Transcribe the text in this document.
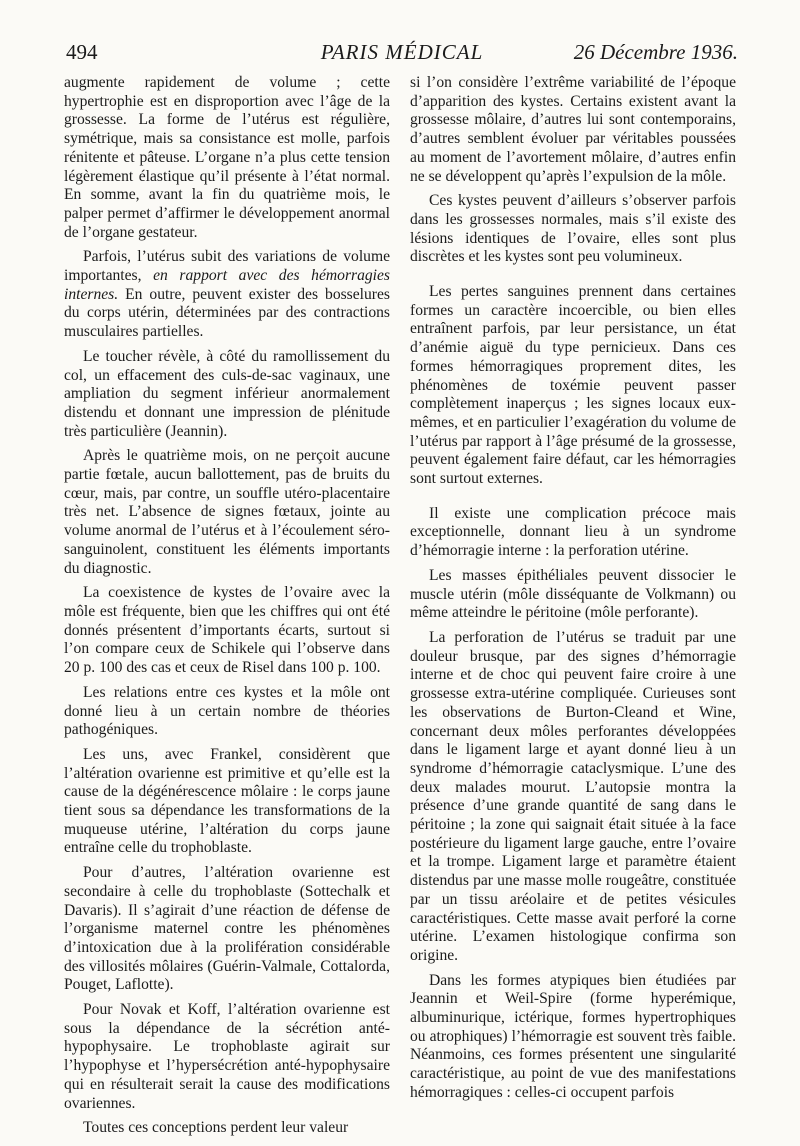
494	PARIS MÉDICAL	26 Décembre 1936.

augmente rapidement de volume ; cette hypertrophie est en disproportion avec l’âge de la grossesse. La forme de l’utérus est régulière, symétrique, mais sa consistance est molle, parfois rénitente et pâteuse. L’organe n’a plus cette tension légèrement élastique qu’il présente à l’état normal. En somme, avant la fin du quatrième mois, le palper permet d’affirmer le développement anormal de l’organe gestateur.

Parfois, l’utérus subit des variations de volume importantes, en rapport avec des hémorragies internes. En outre, peuvent exister des bosselures du corps utérin, déterminées par des contractions musculaires partielles.

Le toucher révèle, à côté du ramollissement du col, un effacement des culs-de-sac vaginaux, une ampliation du segment inférieur anormalement distendu et donnant une impression de plénitude très particulière (Jeannin).

Après le quatrième mois, on ne perçoit aucune partie fœtale, aucun ballottement, pas de bruits du cœur, mais, par contre, un souffle utéro-placentaire très net. L’absence de signes fœtaux, jointe au volume anormal de l’utérus et à l’écoulement séro-sanguinolent, constituent les éléments importants du diagnostic.

La coexistence de kystes de l’ovaire avec la môle est fréquente, bien que les chiffres qui ont été donnés présentent d’importants écarts, surtout si l’on compare ceux de Schikele qui l’observe dans 20 p. 100 des cas et ceux de Risel dans 100 p. 100.

Les relations entre ces kystes et la môle ont donné lieu à un certain nombre de théories pathogéniques.

Les uns, avec Frankel, considèrent que l’altération ovarienne est primitive et qu’elle est la cause de la dégénérescence môlaire : le corps jaune tient sous sa dépendance les transformations de la muqueuse utérine, l’altération du corps jaune entraîne celle du trophoblaste.

Pour d’autres, l’altération ovarienne est secondaire à celle du trophoblaste (Sottechalk et Davaris). Il s’agirait d’une réaction de défense de l’organisme maternel contre les phénomènes d’intoxication due à la prolifération considérable des villosités môlaires (Guérin-Valmale, Cottalorda, Pouget, Laflotte).

Pour Novak et Koff, l’altération ovarienne est sous la dépendance de la sécrétion anté-hypophysaire. Le trophoblaste agirait sur l’hypophyse et l’hypersécrétion anté-hypophysaire qui en résulterait serait la cause des modifications ovariennes.

Toutes ces conceptions perdent leur valeur

si l’on considère l’extrême variabilité de l’époque d’apparition des kystes. Certains existent avant la grossesse môlaire, d’autres lui sont contemporains, d’autres semblent évoluer par véritables poussées au moment de l’avortement môlaire, d’autres enfin ne se développent qu’après l’expulsion de la môle.

Ces kystes peuvent d’ailleurs s’observer parfois dans les grossesses normales, mais s’il existe des lésions identiques de l’ovaire, elles sont plus discrètes et les kystes sont peu volumineux.

Les pertes sanguines prennent dans certaines formes un caractère incoercible, ou bien elles entraînent parfois, par leur persistance, un état d’anémie aiguë du type pernicieux. Dans ces formes hémorragiques proprement dites, les phénomènes de toxémie peuvent passer complètement inaperçus ; les signes locaux eux-mêmes, et en particulier l’exagération du volume de l’utérus par rapport à l’âge présumé de la grossesse, peuvent également faire défaut, car les hémorragies sont surtout externes.

Il existe une complication précoce mais exceptionnelle, donnant lieu à un syndrome d’hémorragie interne : la perforation utérine.

Les masses épithéliales peuvent dissocier le muscle utérin (môle disséquante de Volkmann) ou même atteindre le péritoine (môle perforante).

La perforation de l’utérus se traduit par une douleur brusque, par des signes d’hémorragie interne et de choc qui peuvent faire croire à une grossesse extra-utérine compliquée. Curieuses sont les observations de Burton-Cleand et Wine, concernant deux môles perforantes développées dans le ligament large et ayant donné lieu à un syndrome d’hémorragie cataclysmique. L’une des deux malades mourut. L’autopsie montra la présence d’une grande quantité de sang dans le péritoine ; la zone qui saignait était située à la face postérieure du ligament large gauche, entre l’ovaire et la trompe. Ligament large et paramètre étaient distendus par une masse molle rougeâtre, constituée par un tissu aréolaire et de petites vésicules caractéristiques. Cette masse avait perforé la corne utérine. L’examen histologique confirma son origine.

Dans les formes atypiques bien étudiées par Jeannin et Weil-Spire (forme hyperémique, albuminurique, ictérique, formes hypertrophiques ou atrophiques) l’hémorragie est souvent très faible. Néanmoins, ces formes présentent une singularité caractéristique, au point de vue des manifestations hémorragiques : celles-ci occupent parfois
